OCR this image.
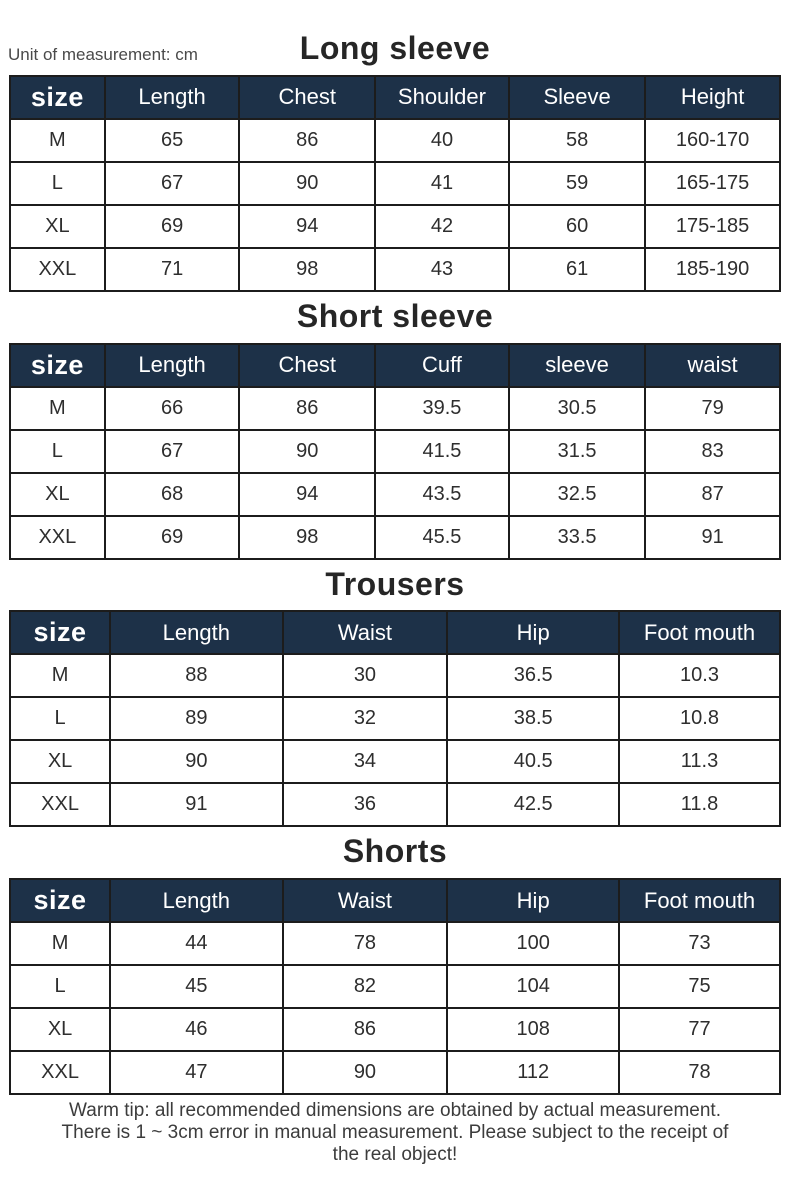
Long sleeve
Unit of measurement: cm
size	Length	Chest	Shoulder	Sleeve	Height
M	65	86	40	58	160-170
L	67	90	41	59	165-175
XL	69	94	42	60	175-185
XXL	71	98	43	61	185-190
Short sleeve
size	Length	Chest	Cuff	sleeve	waist
M	66	86	39.5	30.5	79
L	67	90	41.5	31.5	83
XL	68	94	43.5	32.5	87
XXL	69	98	45.5	33.5	91
Trousers
size	Length	Waist	Hip	Foot mouth
M	88	30	36.5	10.3
L	89	32	38.5	10.8
XL	90	34	40.5	11.3
XXL	91	36	42.5	11.8
Shorts
size	Length	Waist	Hip	Foot mouth
M	44	78	100	73
L	45	82	104	75
XL	46	86	108	77
XXL	47	90	112	78
Warm tip: all recommended dimensions are obtained by actual measurement.
There is 1 ~ 3cm error in manual measurement. Please subject to the receipt of
the real object!
